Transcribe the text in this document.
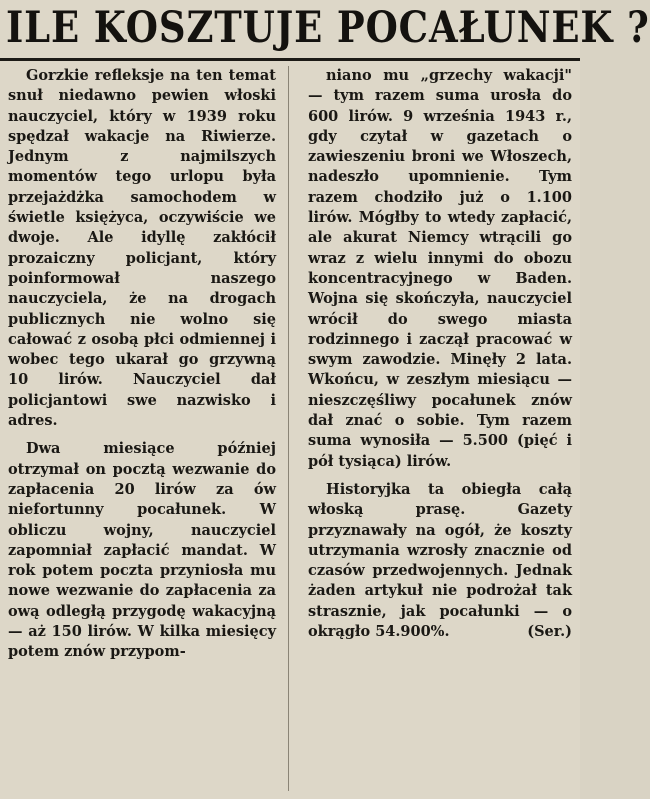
ILE KOSZTUJE POCAŁUNEK ?

Gorzkie refleksje na ten temat snuł niedawno pewien włoski nauczyciel, który w 1939 roku spędzał wakacje na Riwierze. Jednym z najmilszych momentów tego urlopu była przejażdżka samochodem w świetle księżyca, oczywiście we dwoje. Ale idyllę zakłócił prozaiczny policjant, który poinformował naszego nauczyciela, że na drogach publicznych nie wolno się całować z osobą płci odmiennej i wobec tego ukarał go grzywną 10 lirów. Nauczyciel dał policjantowi swe nazwisko i adres.

Dwa miesiące później otrzymał on pocztą wezwanie do zapłacenia 20 lirów za ów niefortunny pocałunek. W obliczu wojny, nauczyciel zapomniał zapłacić mandat. W rok potem poczta przyniosła mu nowe wezwanie do zapłacenia za ową odległą przygodę wakacyjną — aż 150 lirów. W kilka miesięcy potem znów przypom-

niano mu „grzechy wakacji" — tym razem suma urosła do 600 lirów. 9 września 1943 r., gdy czytał w gazetach o zawieszeniu broni we Włoszech, nadeszło upomnienie. Tym razem chodziło już o 1.100 lirów. Mógłby to wtedy zapłacić, ale akurat Niemcy wtrącili go wraz z wielu innymi do obozu koncentracyjnego w Baden. Wojna się skończyła, nauczyciel wrócił do swego miasta rodzinnego i zaczął pracować w swym zawodzie. Minęły 2 lata. Wkońcu, w zeszłym miesiącu — nieszczęśliwy pocałunek znów dał znać o sobie. Tym razem suma wynosiła — 5.500 (pięć i pół tysiąca) lirów.

Historyjka ta obiegła całą włoską prasę. Gazety przyznawały na ogół, że koszty utrzymania wzrosły znacznie od czasów przedwojennych. Jednak żaden artykuł nie podrożał tak strasznie, jak pocałunki — o okrągło 54.900%.	(Ser.)
